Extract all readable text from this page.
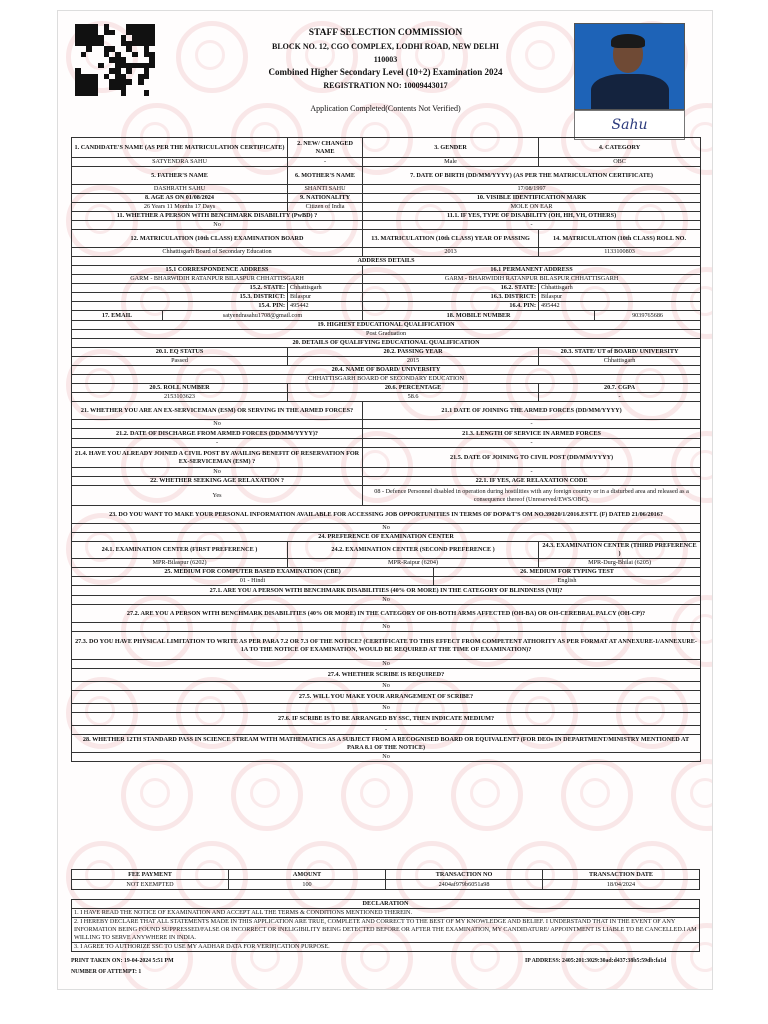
STAFF SELECTION COMMISSION
BLOCK NO. 12, CGO COMPLEX, LODHI ROAD, NEW DELHI
110003
Combined Higher Secondary Level (10+2) Examination 2024
REGISTRATION NO: 10009443017
Application Completed(Contents Not Verified)
Sahu
1. CANDIDATE'S NAME (AS PER THE MATRICULATION CERTIFICATE)		2. NEW/ CHANGED NAME	3. GENDER		4. CATEGORY	
SATYENDRA SAHU		-	Male		OBC	
5. FATHER'S NAME		6. MOTHER'S NAME	7. DATE OF BIRTH (DD/MM/YYYY) (AS PER THE MATRICULATION CERTIFICATE)			
DASHRATH SAHU		SHANTI SAHU	17/08/1997			
8. AGE AS ON 01/08/2024		9. NATIONALITY	10. VISIBLE IDENTIFICATION MARK			
26 Years 11 Months 17 Days		Citizen of India	MOLE ON EAR			
11. WHETHER A PERSON WITH BENCHMARK DISABILITY (PwBD) ?			11.1. IF YES, TYPE OF DISABILITY (OH, HH, VH, OTHERS)			
No			-			
12. MATRICULATION (10th CLASS) EXAMINATION BOARD			13. MATRICULATION (10th CLASS) YEAR OF PASSING		14. MATRICULATION (10th CLASS) ROLL NO.	

Chhattisgarh Board of Secondary Education			2013		1133100803	
ADDRESS DETAILS						
15.1 CORRESPONDENCE ADDRESS			16.1 PERMANENT ADDRESS			
GARM - BHARWIDIH RATANPUR BILASPUR CHHATTISGARH			GARM - BHARWIDIH RATANPUR BILASPUR CHHATTISGARH			
15.2. STATE:		Chhattisgarh	16.2. STATE:		Chhattisgarh	
15.3. DISTRICT:		Bilaspur	16.3. DISTRICT:		Bilaspur	
15.4. PIN:		495442	16.4. PIN:		495442	
17. EMAIL	satyendrasahu1708@gmail.com		18. MOBILE NUMBER			9039765686
19. HIGHEST EDUCATIONAL QUALIFICATION						
Post Graduation						
20. DETAILS OF QUALIFYING EDUCATIONAL QUALIFICATION						
20.1. EQ STATUS		20.2. PASSING YEAR			20.3. STATE/ UT of BOARD/ UNIVERSITY	
Passed		2015			Chhattisgarh	
20.4. NAME OF BOARD/ UNIVERSITY						
CHHATTISGARH BOARD OF SECONDARY EDUCATION						
20.5. ROLL NUMBER		20.6. PERCENTAGE			20.7. CGPA	
2153103623		58.6			-	
21. WHETHER YOU ARE AN EX-SERVICEMAN (ESM) OR SERVING IN THE ARMED FORCES?			21.1 DATE OF JOINING THE ARMED FORCES (DD/MM/YYYY)			
No			-			
21.2. DATE OF DISCHARGE FROM ARMED FORCES (DD/MM/YYYY)?			21.3. LENGTH OF SERVICE IN ARMED FORCES			
-			-			
21.4. HAVE YOU ALREADY JOINED A CIVIL POST BY AVAILING BENEFIT OF RESERVATION FOR EX-SERVICEMAN (ESM) ?			21.5. DATE OF JOINING TO CIVIL POST (DD/MM/YYYY)			
No			-			
22. WHETHER SEEKING AGE RELAXATION ?			22.1. IF YES, AGE RELAXATION CODE			
Yes			08 - Defence Personnel disabled in operation during hostilities with any foreign country or in a disturbed area and released as a consequence thereof (Unreserved/EWS/OBC).			
23. DO YOU WANT TO MAKE YOUR PERSONAL INFORMATION AVAILABLE FOR ACCESSING JOB OPPORTUNITIES IN TERMS OF DOP&T'S OM NO.39020/1/2016.ESTT. (F) DATED 21/06/2016?						
No						
24. PREFERENCE OF EXAMINATION CENTER						
24.1. EXAMINATION CENTER (FIRST PREFERENCE )		24.2. EXAMINATION CENTER (SECOND PREFERENCE )			24.3. EXAMINATION CENTER (THIRD PREFERENCE )	
MPR-Bilaspur (6202)		MPR-Raipur (6204)			MPR-Durg-Bhilai (6205)	
25. MEDIUM FOR COMPUTER BASED EXAMINATION (CBE)				26. MEDIUM FOR TYPING TEST		
01 - Hindi				English		
27.1. ARE YOU A PERSON WITH BENCHMARK DISABILITIES (40% OR MORE) IN THE CATEGORY OF BLINDNESS (VH)?						
No						
27.2. ARE YOU A PERSON WITH BENCHMARK DISABILITIES (40% OR MORE) IN THE CATEGORY OF OH-BOTH ARMS AFFECTED (OH-BA) OR OH-CEREBRAL PALCY (OH-CP)?						
No						
27.3. DO YOU HAVE PHYSICAL LIMITATION TO WRITE AS PER PARA 7.2 OR 7.3 OF THE NOTICE? (CERTIFICATE TO THIS EFFECT FROM COMPETENT ATHORITY AS PER FORMAT AT ANNEXURE-1/ANNEXURE-1A TO THE NOTICE OF EXAMINATION, WOULD BE REQUIRED AT THE TIME OF EXAMINATION)?						
No						
27.4. WHETHER SCRIBE IS REQUIRED?						
No						
27.5. WILL YOU MAKE YOUR ARRANGEMENT OF SCRIBE?						
No						
27.6. IF SCRIBE IS TO BE ARRANGED BY SSC, THEN INDICATE MEDIUM?						
-						
28. WHETHER 12TH STANDARD PASS IN SCIENCE STREAM WITH MATHEMATICS AS A SUBJECT FROM A RECOGNISED BOARD OR EQUIVALENT? (FOR DEOs IN DEPARTMENT/MINISTRY MENTIONED AT PARA 8.1 OF THE NOTICE)						
No						
FEE PAYMENT	AMOUNT	TRANSACTION NO	TRANSACTION DATE
NOT EXEMPTED	100	2404af979b6051a98	18/04/2024
DECLARATION
1. I HAVE READ THE NOTICE OF EXAMINATION AND ACCEPT ALL THE TERMS & CONDITIONS MENTIONED THEREIN.
2. I HEREBY DECLARE THAT ALL STATEMENTS MADE IN THIS APPLICATION ARE TRUE, COMPLETE AND CORRECT TO THE BEST OF MY KNOWLEDGE AND BELIEF. I UNDERSTAND THAT IN THE EVENT OF ANY INFORMATION BEING FOUND SUPPRESSED/FALSE OR INCORRECT OR INELIGIBILITY BEING DETECTED BEFORE OR AFTER THE EXAMINATION, MY CANDIDATURE/ APPOINTMENT IS LIABLE TO BE CANCELLED.I AM WILLING TO SERVE ANYWHERE IN INDIA.
3. I AGREE TO AUTHORIZE SSC TO USE MY AADHAR DATA FOR VERIFICATION PURPOSE.
PRINT TAKEN ON: 19-04-2024 5:51 PM	IP ADDRESS: 2405:201:3029:30ad:d437:38b5:59db:fa1d
NUMBER OF ATTEMPT: 1
